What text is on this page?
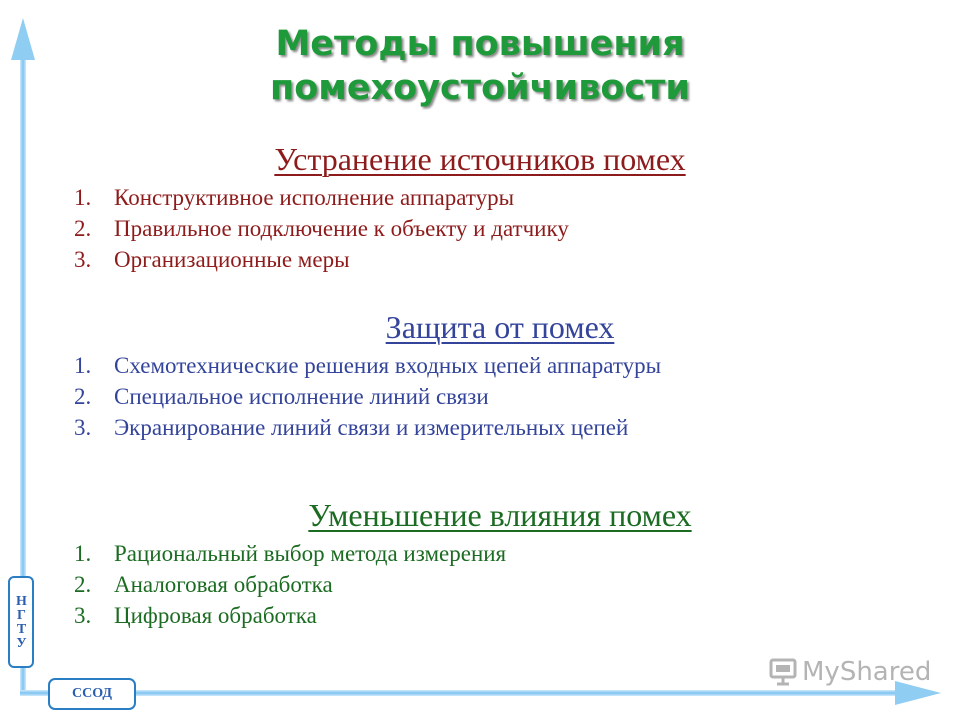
НГТУ
ССОД
Методы повышения
помехоустойчивости
Устранение источников помех
1. Конструктивное исполнение аппаратуры
2. Правильное подключение к объекту и датчику
3. Организационные меры
Защита от помех
1. Схемотехнические решения входных цепей аппаратуры
2. Специальное исполнение линий связи
3. Экранирование линий связи и измерительных цепей
Уменьшение влияния помех
1. Рациональный выбор метода измерения
2. Аналоговая обработка
3. Цифровая обработка
MyShared
